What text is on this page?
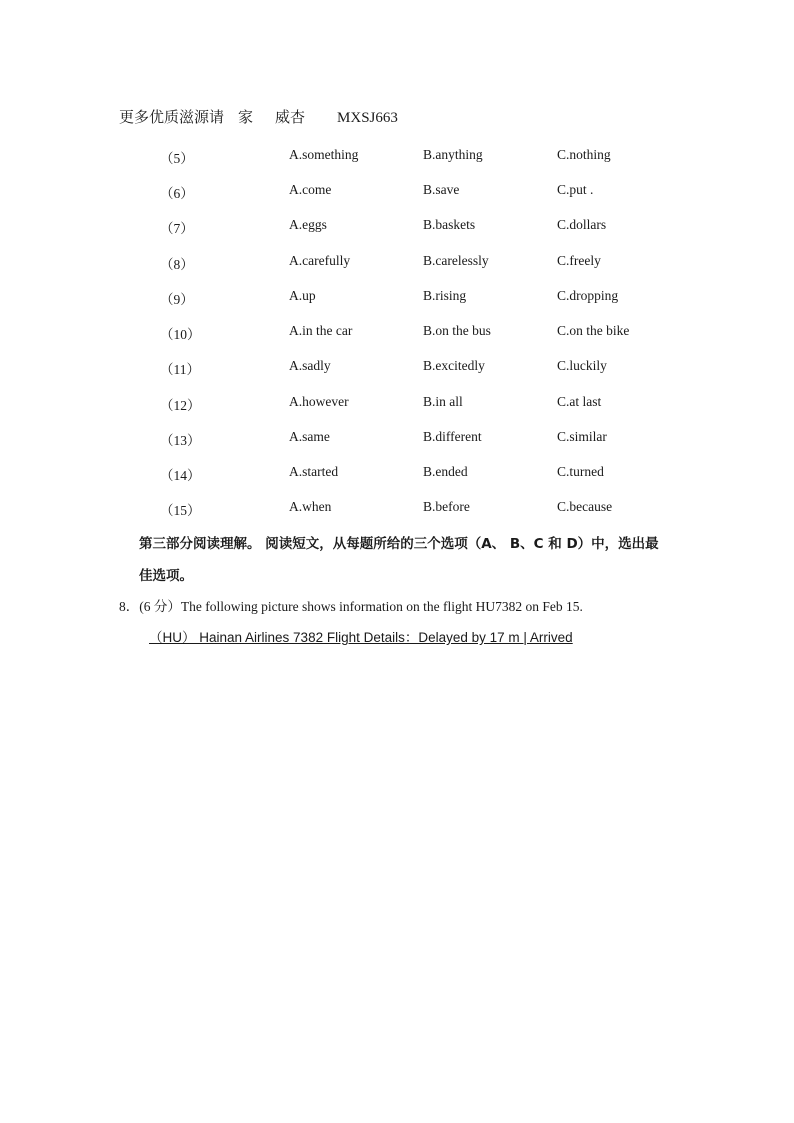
更多优质滋源请 家 威杏 MXSJ663
（5）	A.something	B.anything	C.nothing
（6）	A.come	B.save	C.put .
（7）	A.eggs	B.baskets	C.dollars
（8）	A.carefully	B.carelessly	C.freely
（9）	A.up	B.rising	C.dropping
（10）	A.in the car	B.on the bus	C.on the bike
（11）	A.sadly	B.excitedly	C.luckily
（12）	A.however	B.in all	C.at last
（13）	A.same	B.different	C.similar
（14）	A.started	B.ended	C.turned
（15）	A.when	B.before	C.because
第三部分阅读理解。 阅读短文，从每题所给的三个选项（A、 B、C 和 D）中，选出最
佳选项。
8．(6 分）The following picture shows information on the flight HU7382 on Feb 15.
（HU） Hainan Airlines 7382 Flight Details：Delayed by 17 m | Arrived
